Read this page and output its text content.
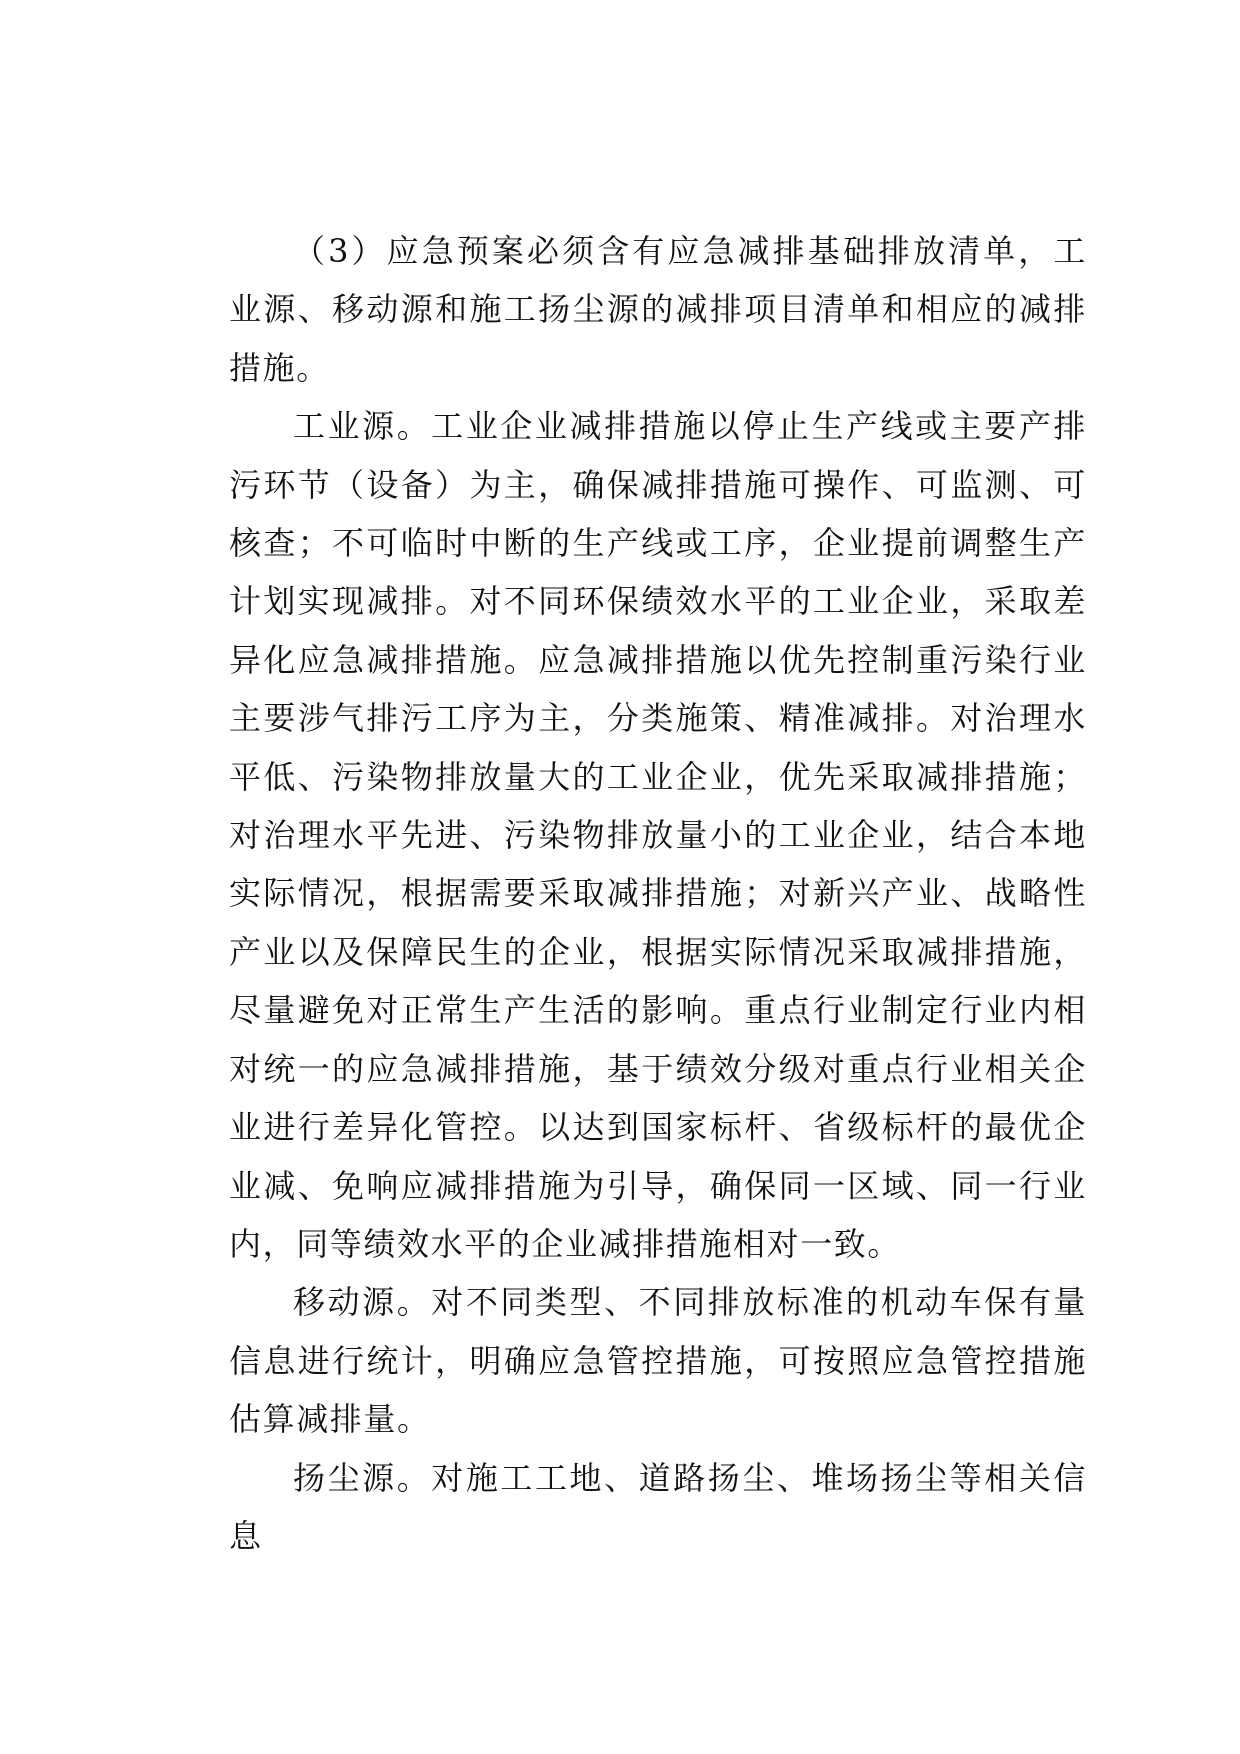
（3）应急预案必须含有应急减排基础排放清单，工业源、移动源和施工扬尘源的减排项目清单和相应的减排措施。

工业源。工业企业减排措施以停止生产线或主要产排污环节（设备）为主，确保减排措施可操作、可监测、可核查；不可临时中断的生产线或工序，企业提前调整生产计划实现减排。对不同环保绩效水平的工业企业，采取差异化应急减排措施。应急减排措施以优先控制重污染行业主要涉气排污工序为主，分类施策、精准减排。对治理水平低、污染物排放量大的工业企业，优先采取减排措施；对治理水平先进、污染物排放量小的工业企业，结合本地实际情况，根据需要采取减排措施；对新兴产业、战略性产业以及保障民生的企业，根据实际情况采取减排措施，尽量避免对正常生产生活的影响。重点行业制定行业内相对统一的应急减排措施，基于绩效分级对重点行业相关企业进行差异化管控。以达到国家标杆、省级标杆的最优企业减、免响应减排措施为引导，确保同一区域、同一行业内，同等绩效水平的企业减排措施相对一致。

移动源。对不同类型、不同排放标准的机动车保有量信息进行统计，明确应急管控措施，可按照应急管控措施估算减排量。

扬尘源。对施工工地、道路扬尘、堆场扬尘等相关信息
